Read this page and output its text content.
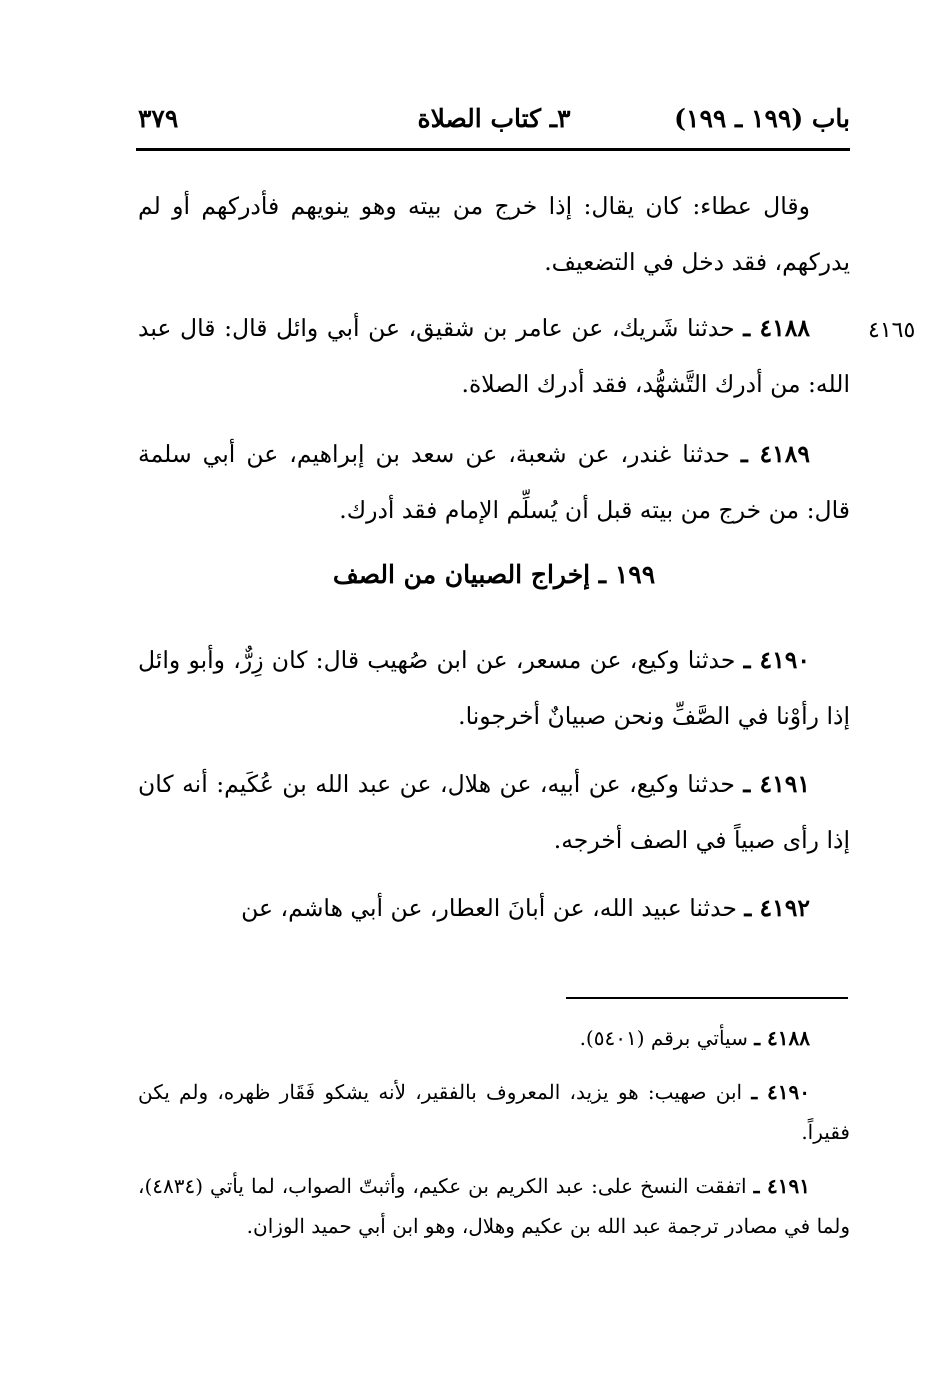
باب (١٩٩ ـ ١٩٩)
٣ـ كتاب الصلاة
٣٧٩

وقال عطاء: كان يقال: إذا خرج من بيته وهو ينويهم فأدركهم أو لم يدركهم، فقد دخل في التضعيف.

٤١٦٥

٤١٨٨ ـ حدثنا شَريك، عن عامر بن شقيق، عن أبي وائل قال: قال عبد الله: من أدرك التَّشهُّد، فقد أدرك الصلاة.

٤١٨٩ ـ حدثنا غندر، عن شعبة، عن سعد بن إبراهيم، عن أبي سلمة قال: من خرج من بيته قبل أن يُسلِّم الإمام فقد أدرك.

١٩٩ ـ إخراج الصبيان من الصف

٤١٩٠ ـ حدثنا وكيع، عن مسعر، عن ابن صُهيب قال: كان زِرٌّ، وأبو وائل إذا رأوْنا في الصَّفِّ ونحن صبيانٌ أخرجونا.

٤١٩١ ـ حدثنا وكيع، عن أبيه، عن هلال، عن عبد الله بن عُكَيم: أنه كان إذا رأى صبياً في الصف أخرجه.

٤١٩٢ ـ حدثنا عبيد الله، عن أبانَ العطار، عن أبي هاشم، عن

٤١٨٨ ـ سيأتي برقم (٥٤٠١).

٤١٩٠ ـ ابن صهيب: هو يزيد، المعروف بالفقير، لأنه يشكو فَقَار ظهره، ولم يكن فقيراً.

٤١٩١ ـ اتفقت النسخ على: عبد الكريم بن عكيم، وأثبتّ الصواب، لما يأتي (٤٨٣٤)، ولما في مصادر ترجمة عبد الله بن عكيم وهلال، وهو ابن أبي حميد الوزان.
